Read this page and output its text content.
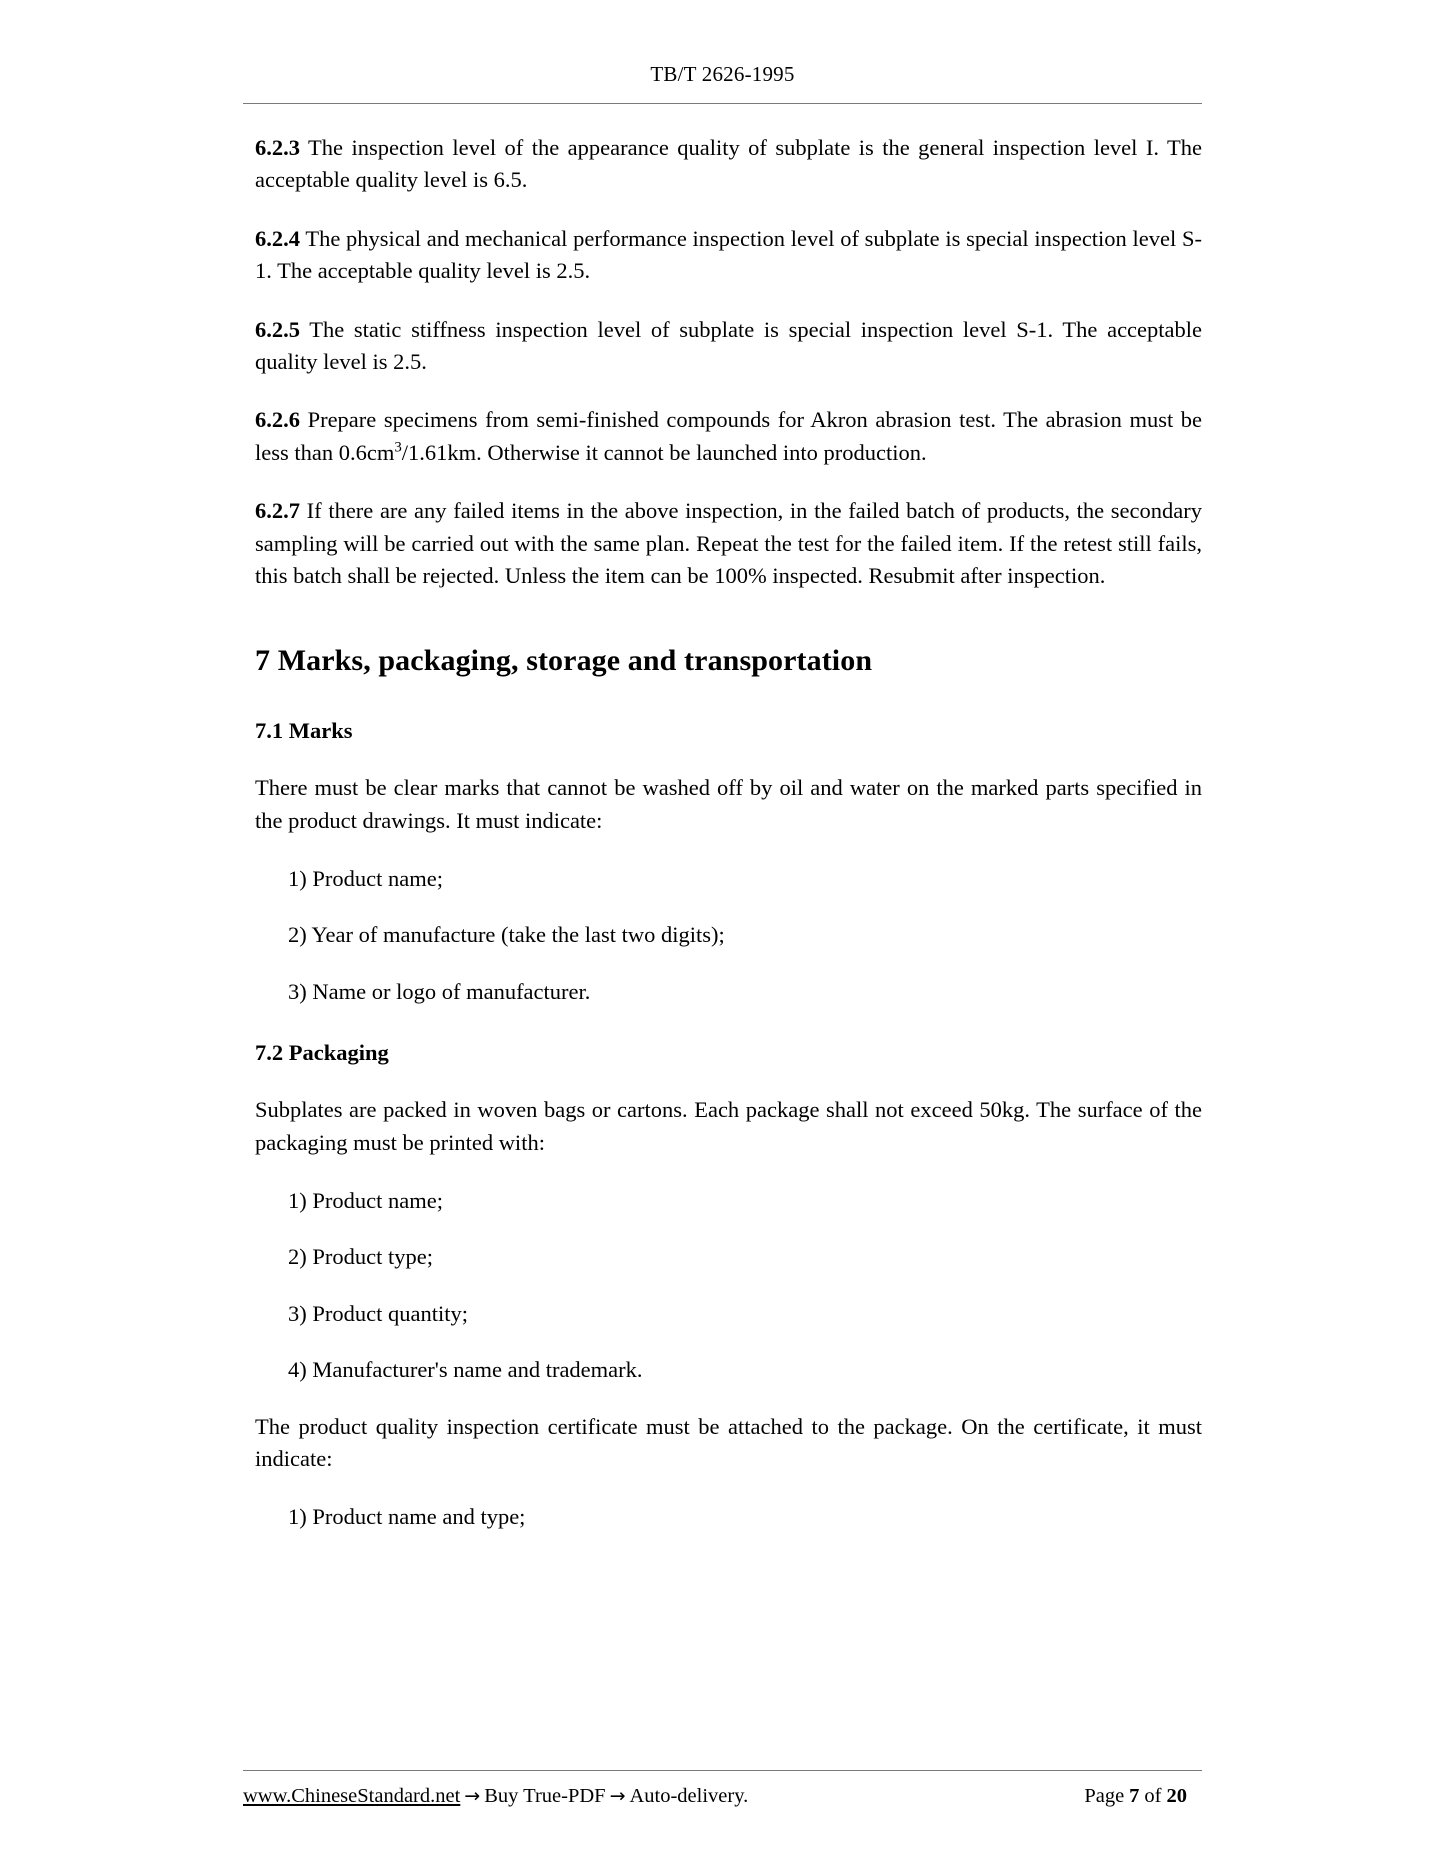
TB/T 2626-1995

6.2.3 The inspection level of the appearance quality of subplate is the general inspection level I. The acceptable quality level is 6.5.

6.2.4 The physical and mechanical performance inspection level of subplate is special inspection level S-1. The acceptable quality level is 2.5.

6.2.5 The static stiffness inspection level of subplate is special inspection level S-1. The acceptable quality level is 2.5.

6.2.6 Prepare specimens from semi-finished compounds for Akron abrasion test. The abrasion must be less than $0.6cm^3/1.61km$. Otherwise it cannot be launched into production.

6.2.7 If there are any failed items in the above inspection, in the failed batch of products, the secondary sampling will be carried out with the same plan. Repeat the test for the failed item. If the retest still fails, this batch shall be rejected. Unless the item can be 100% inspected. Resubmit after inspection.

7 Marks, packaging, storage and transportation
7.1 Marks

There must be clear marks that cannot be washed off by oil and water on the marked parts specified in the product drawings. It must indicate:

1) Product name;

2) Year of manufacture (take the last two digits);

3) Name or logo of manufacturer.

7.2 Packaging

Subplates are packed in woven bags or cartons. Each package shall not exceed 50kg. The surface of the packaging must be printed with:

1) Product name;

2) Product type;

3) Product quantity;

4) Manufacturer's name and trademark.

The product quality inspection certificate must be attached to the package. On the certificate, it must indicate:

1) Product name and type;

www.ChineseStandard.net → Buy True-PDF → Auto-delivery.	Page 7 of 20
